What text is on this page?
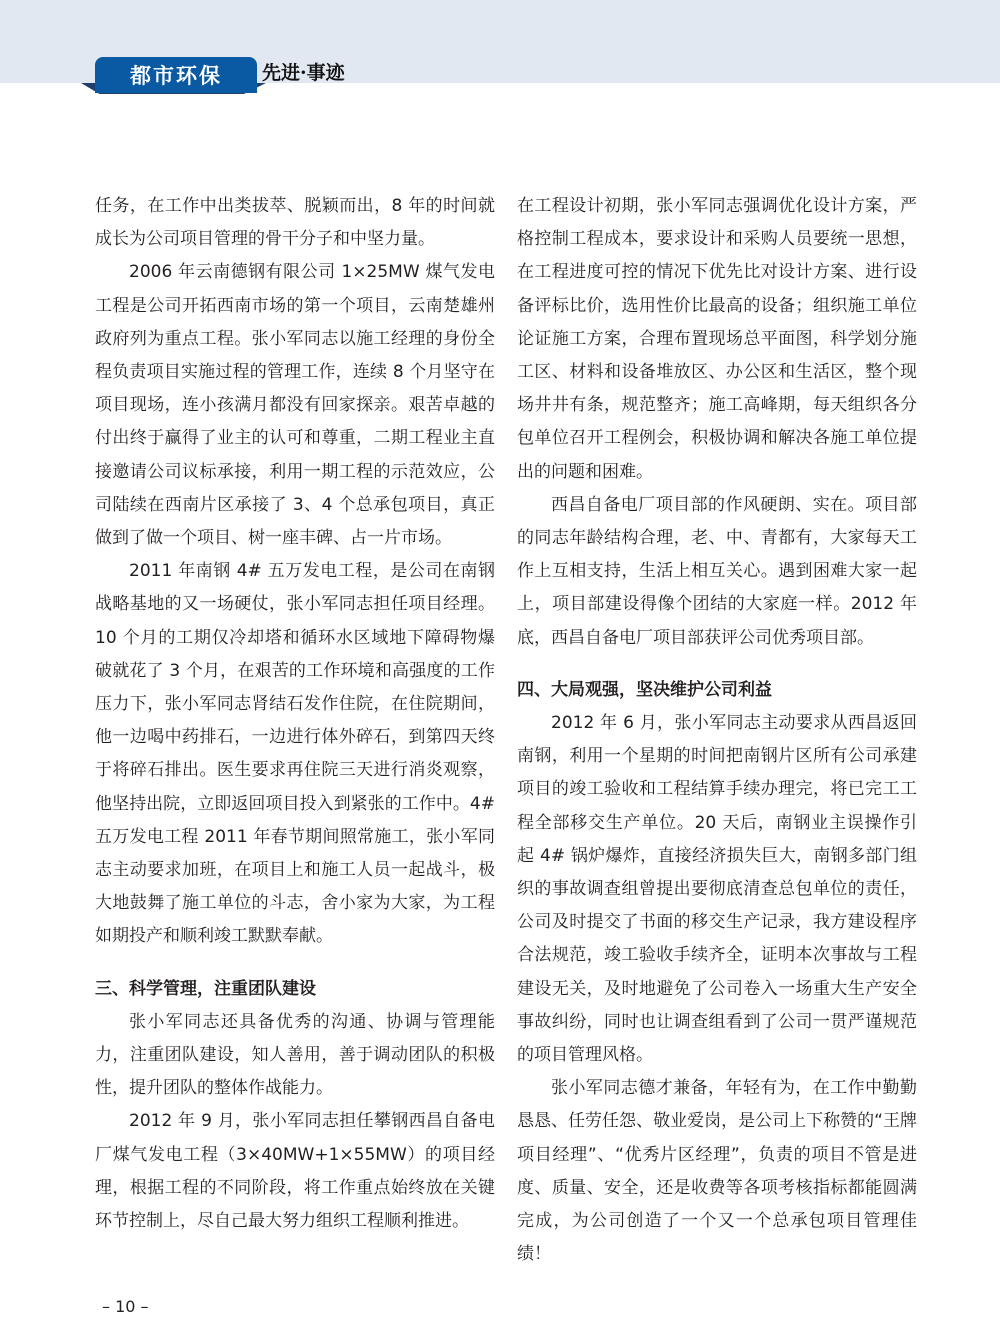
都市环保	先进·事迹

任务，在工作中出类拔萃、脱颖而出，8 年的时间就成长为公司项目管理的骨干分子和中坚力量。

2006 年云南德钢有限公司 1×25MW 煤气发电工程是公司开拓西南市场的第一个项目，云南楚雄州政府列为重点工程。张小军同志以施工经理的身份全程负责项目实施过程的管理工作，连续 8 个月坚守在项目现场，连小孩满月都没有回家探亲。艰苦卓越的付出终于赢得了业主的认可和尊重，二期工程业主直接邀请公司议标承接，利用一期工程的示范效应，公司陆续在西南片区承接了 3、4 个总承包项目，真正做到了做一个项目、树一座丰碑、占一片市场。

2011 年南钢 4# 五万发电工程，是公司在南钢战略基地的又一场硬仗，张小军同志担任项目经理。10 个月的工期仅冷却塔和循环水区域地下障碍物爆破就花了 3 个月，在艰苦的工作环境和高强度的工作压力下，张小军同志肾结石发作住院，在住院期间，他一边喝中药排石，一边进行体外碎石，到第四天终于将碎石排出。医生要求再住院三天进行消炎观察，他坚持出院，立即返回项目投入到紧张的工作中。4# 五万发电工程 2011 年春节期间照常施工，张小军同志主动要求加班，在项目上和施工人员一起战斗，极大地鼓舞了施工单位的斗志，舍小家为大家，为工程如期投产和顺利竣工默默奉献。

三、科学管理，注重团队建设

张小军同志还具备优秀的沟通、协调与管理能力，注重团队建设，知人善用，善于调动团队的积极性，提升团队的整体作战能力。

2012 年 9 月，张小军同志担任攀钢西昌自备电厂煤气发电工程（3×40MW+1×55MW）的项目经理，根据工程的不同阶段，将工作重点始终放在关键环节控制上，尽自己最大努力组织工程顺利推进。

在工程设计初期，张小军同志强调优化设计方案，严格控制工程成本，要求设计和采购人员要统一思想，在工程进度可控的情况下优先比对设计方案、进行设备评标比价，选用性价比最高的设备；组织施工单位论证施工方案，合理布置现场总平面图，科学划分施工区、材料和设备堆放区、办公区和生活区，整个现场井井有条，规范整齐；施工高峰期，每天组织各分包单位召开工程例会，积极协调和解决各施工单位提出的问题和困难。

西昌自备电厂项目部的作风硬朗、实在。项目部的同志年龄结构合理，老、中、青都有，大家每天工作上互相支持，生活上相互关心。遇到困难大家一起上，项目部建设得像个团结的大家庭一样。2012 年底，西昌自备电厂项目部获评公司优秀项目部。

四、大局观强，坚决维护公司利益

2012 年 6 月，张小军同志主动要求从西昌返回南钢，利用一个星期的时间把南钢片区所有公司承建项目的竣工验收和工程结算手续办理完，将已完工工程全部移交生产单位。20 天后，南钢业主误操作引起 4# 锅炉爆炸，直接经济损失巨大，南钢多部门组织的事故调查组曾提出要彻底清查总包单位的责任，公司及时提交了书面的移交生产记录，我方建设程序合法规范，竣工验收手续齐全，证明本次事故与工程建设无关，及时地避免了公司卷入一场重大生产安全事故纠纷，同时也让调查组看到了公司一贯严谨规范的项目管理风格。

张小军同志德才兼备，年轻有为，在工作中勤勤恳恳、任劳任怨、敬业爱岗，是公司上下称赞的“王牌项目经理”、“优秀片区经理”，负责的项目不管是进度、质量、安全，还是收费等各项考核指标都能圆满完成，为公司创造了一个又一个总承包项目管理佳绩！

– 10 –
